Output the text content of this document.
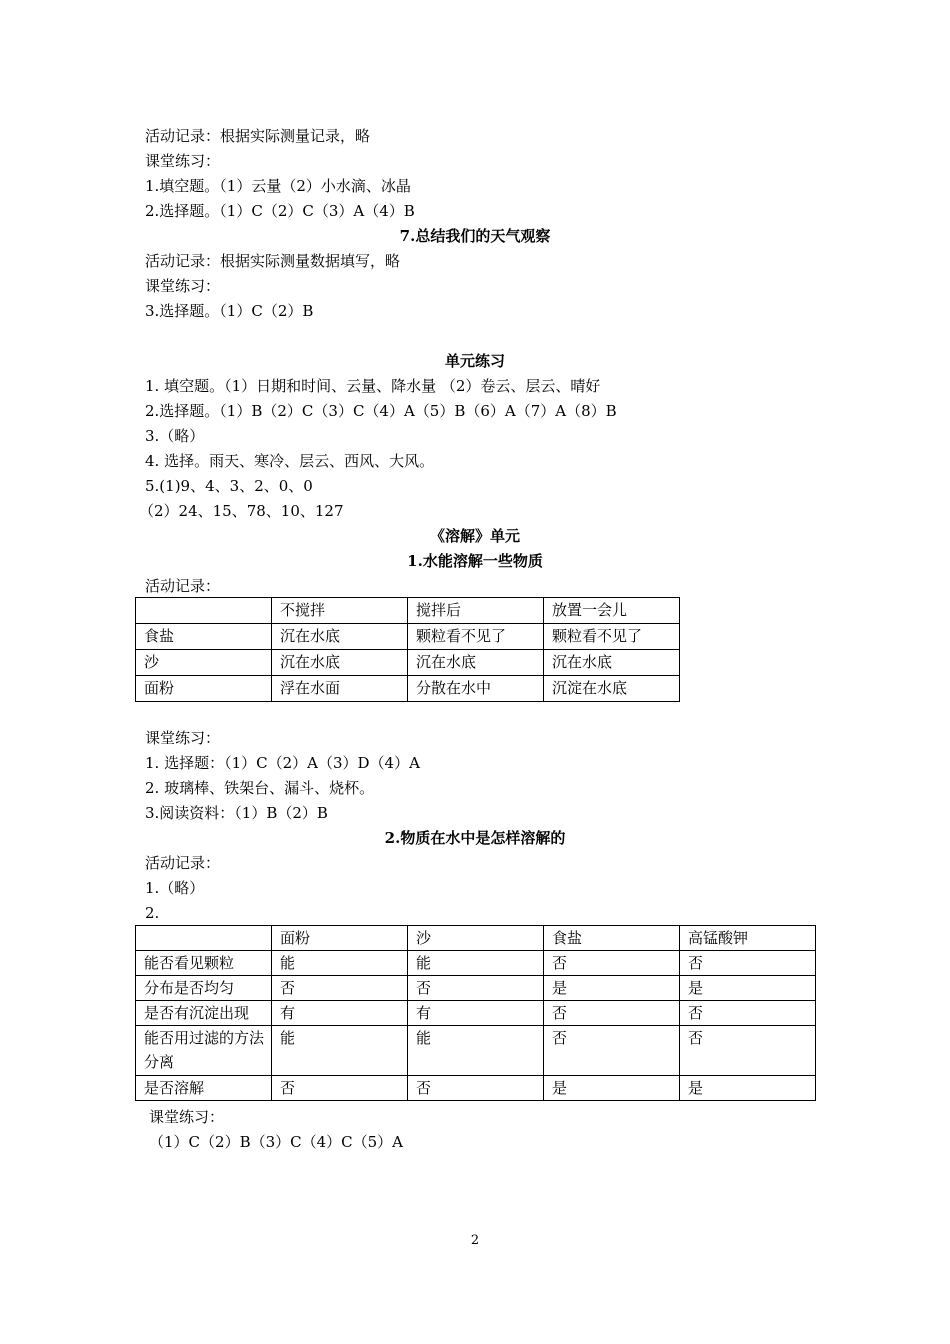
活动记录：根据实际测量记录，略
课堂练习：
1.填空题。（1）云量（2）小水滴、冰晶
2.选择题。（1）C（2）C（3）A（4）B
7.总结我们的天气观察
活动记录：根据实际测量数据填写，略
课堂练习：
3.选择题。（1）C（2）B
单元练习
1. 填空题。（1）日期和时间、云量、降水量 （2）卷云、层云、晴好
2.选择题。（1）B（2）C（3）C（4）A（5）B（6）A（7）A（8）B
3.（略）
4. 选择。雨天、寒冷、层云、西风、大风。
5.(1)9、4、3、2、0、0
（2）24、15、78、10、127
《溶解》单元
1.水能溶解一些物质
活动记录：
	不搅拌	搅拌后	放置一会儿
食盐	沉在水底	颗粒看不见了	颗粒看不见了
沙	沉在水底	沉在水底	沉在水底
面粉	浮在水面	分散在水中	沉淀在水底
课堂练习：
1. 选择题：（1）C（2）A（3）D（4）A
2. 玻璃棒、铁架台、漏斗、烧杯。
3.阅读资料：（1）B（2）B
2.物质在水中是怎样溶解的
活动记录：
1.（略）
2.
	面粉	沙	食盐	高锰酸钾
能否看见颗粒	能	能	否	否
分布是否均匀	否	否	是	是
是否有沉淀出现	有	有	否	否
能否用过滤的方法分离	能	能	否	否
是否溶解	否	否	是	是
课堂练习：
（1）C（2）B（3）C（4）C（5）A
2
